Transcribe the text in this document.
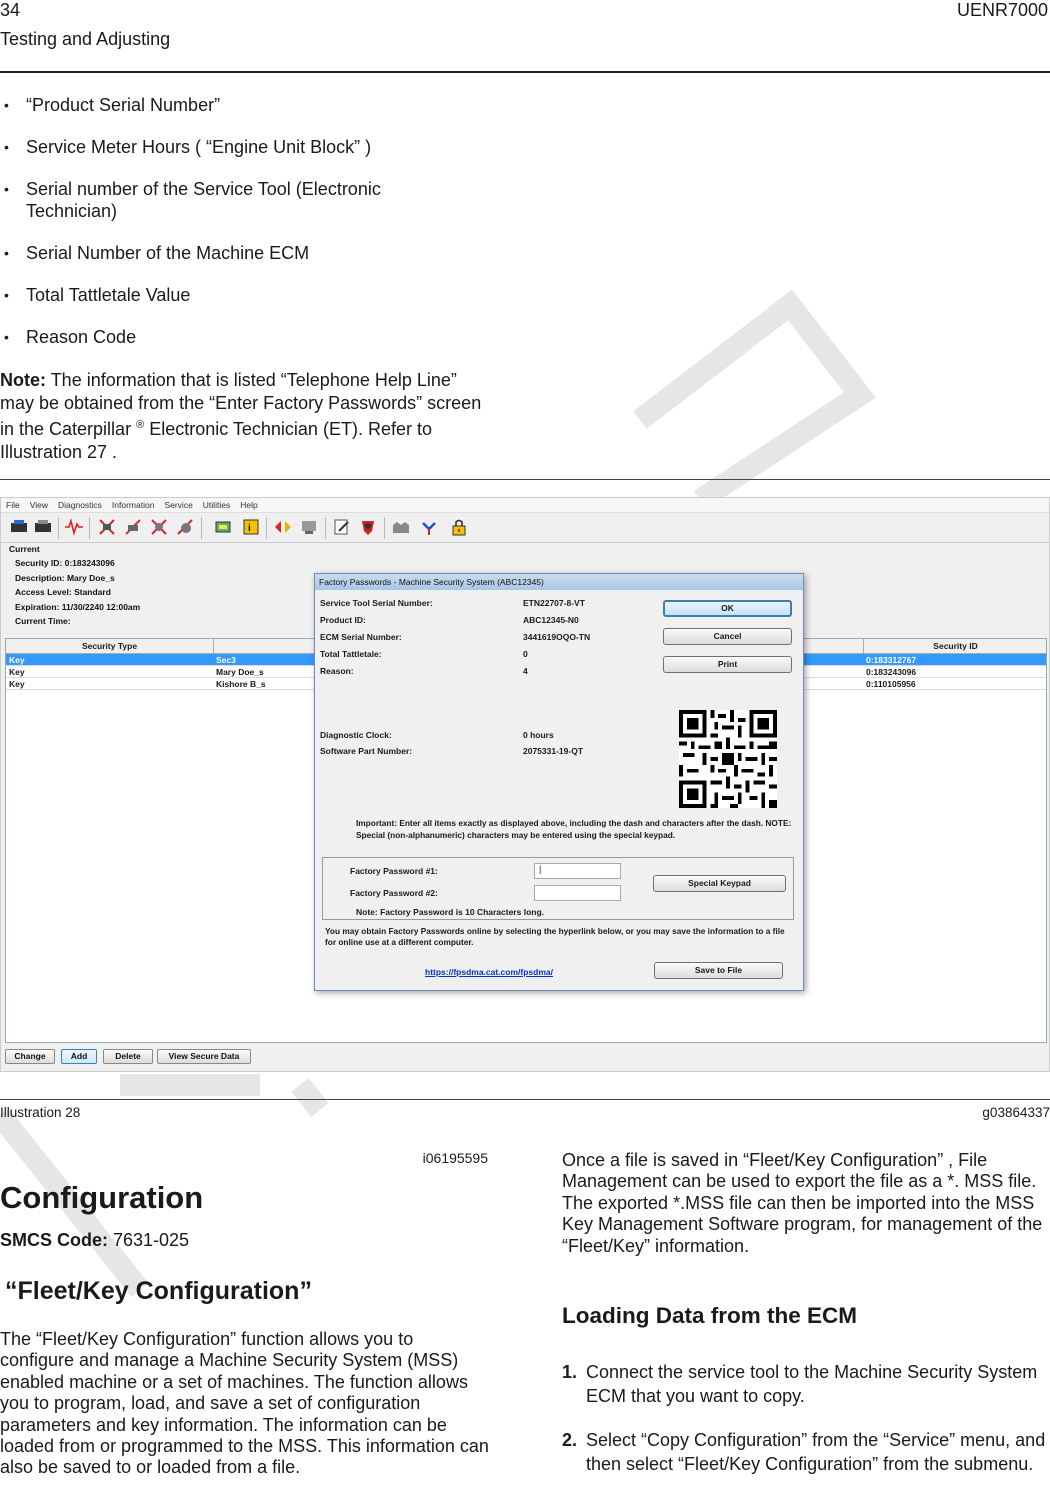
34	UENR7000
Testing and Adjusting
• “Product Serial Number”
• Service Meter Hours ( “Engine Unit Block” )
• Serial number of the Service Tool (Electronic Technician)
• Serial Number of the Machine ECM
• Total Tattletale Value
• Reason Code
Note: The information that is listed “Telephone Help Line” may be obtained from the “Enter Factory Passwords” screen in the Caterpillar ® Electronic Technician (ET). Refer to Illustration 27 .
File View Diagnostics Information Service Utilities Help
i
Current
Security ID: 0:183243096
Description: Mary Doe_s
Access Level: Standard
Expiration: 11/30/2240 12:00am
Current Time:
Security Type	Security ID
Key	Sec3	0:183312767
Key	Mary Doe_s	0:183243096
Key	Kishore B_s	0:110105956
Change	Add	Delete	View Secure Data
Factory Passwords - Machine Security System (ABC12345)
Service Tool Serial Number:	ETN22707-8-VT
Product ID:	ABC12345-N0
ECM Serial Number:	3441619OQO-TN
Total Tattletale:	0
Reason:	4
Diagnostic Clock:	0 hours
Software Part Number:	2075331-19-QT
OK
Cancel
Print
Important: Enter all items exactly as displayed above, including the dash and characters after the dash. NOTE: Special (non-alphanumeric) characters may be entered using the special keypad.
Factory Password #1:	|
Factory Password #2:
Special Keypad
Note: Factory Password is 10 Characters long.
You may obtain Factory Passwords online by selecting the hyperlink below, or you may save the information to a file for online use at a different computer.
https://fpsdma.cat.com/fpsdma/	Save to File
Illustration 28	g03864337
i06195595
Configuration
SMCS Code: 7631-025
“Fleet/Key Configuration”
The “Fleet/Key Configuration” function allows you to configure and manage a Machine Security System (MSS) enabled machine or a set of machines. The function allows you to program, load, and save a set of configuration parameters and key information. The information can be loaded from or programmed to the MSS. This information can also be saved to or loaded from a file.
Once a file is saved in “Fleet/Key Configuration” , File Management can be used to export the file as a *. MSS file. The exported *.MSS file can then be imported into the MSS Key Management Software program, for management of the “Fleet/Key” information.
Loading Data from the ECM
1. Connect the service tool to the Machine Security System ECM that you want to copy.
2. Select “Copy Configuration” from the “Service” menu, and then select “Fleet/Key Configuration” from the submenu.
